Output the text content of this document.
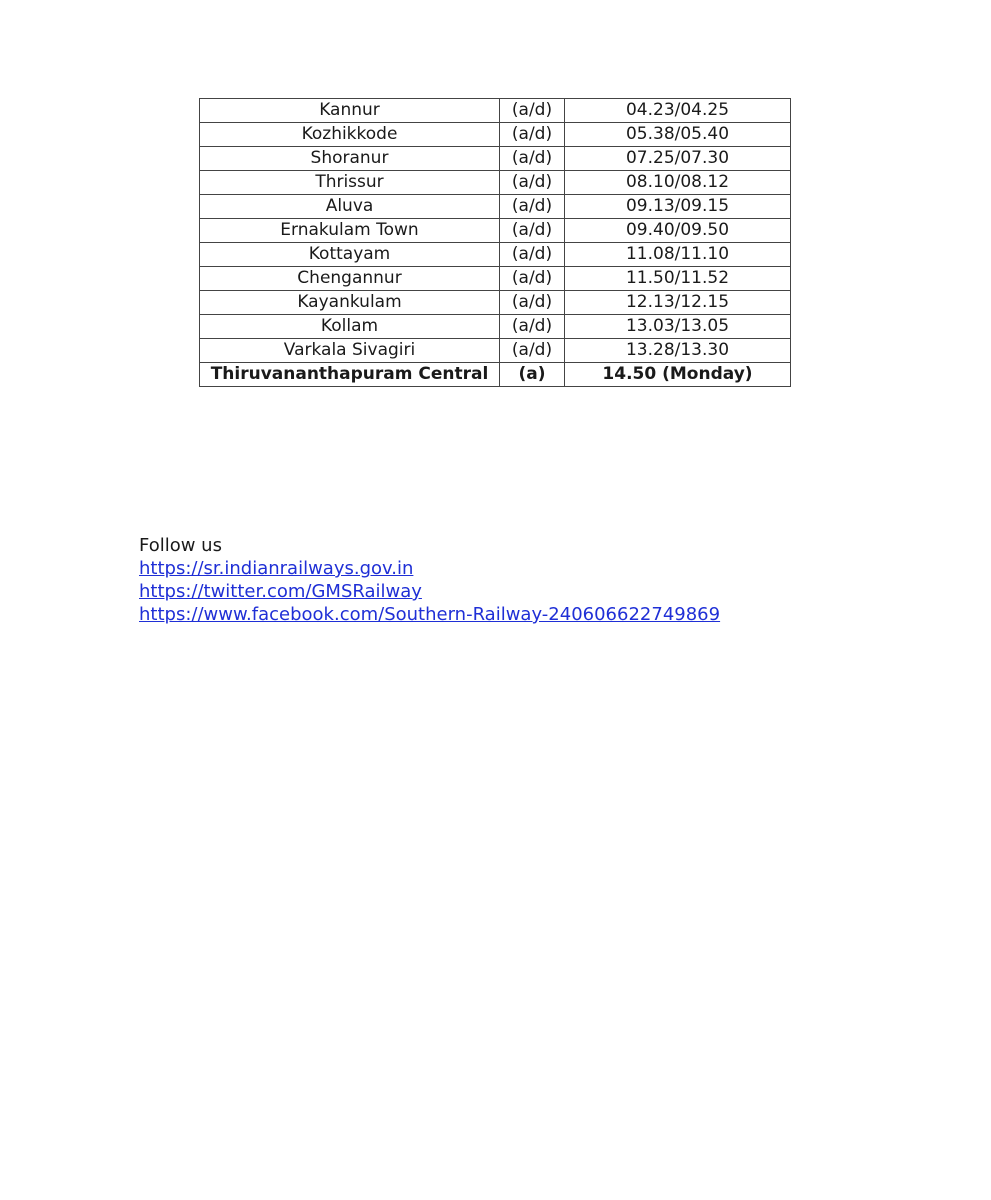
Kannur	(a/d)	04.23/04.25
Kozhikkode	(a/d)	05.38/05.40
Shoranur	(a/d)	07.25/07.30
Thrissur	(a/d)	08.10/08.12
Aluva	(a/d)	09.13/09.15
Ernakulam Town	(a/d)	09.40/09.50
Kottayam	(a/d)	11.08/11.10
Chengannur	(a/d)	11.50/11.52
Kayankulam	(a/d)	12.13/12.15
Kollam	(a/d)	13.03/13.05
Varkala Sivagiri	(a/d)	13.28/13.30
Thiruvananthapuram Central	(a)	14.50 (Monday)
Follow us
https://sr.indianrailways.gov.in
https://twitter.com/GMSRailway
https://www.facebook.com/Southern-Railway-240606622749869
